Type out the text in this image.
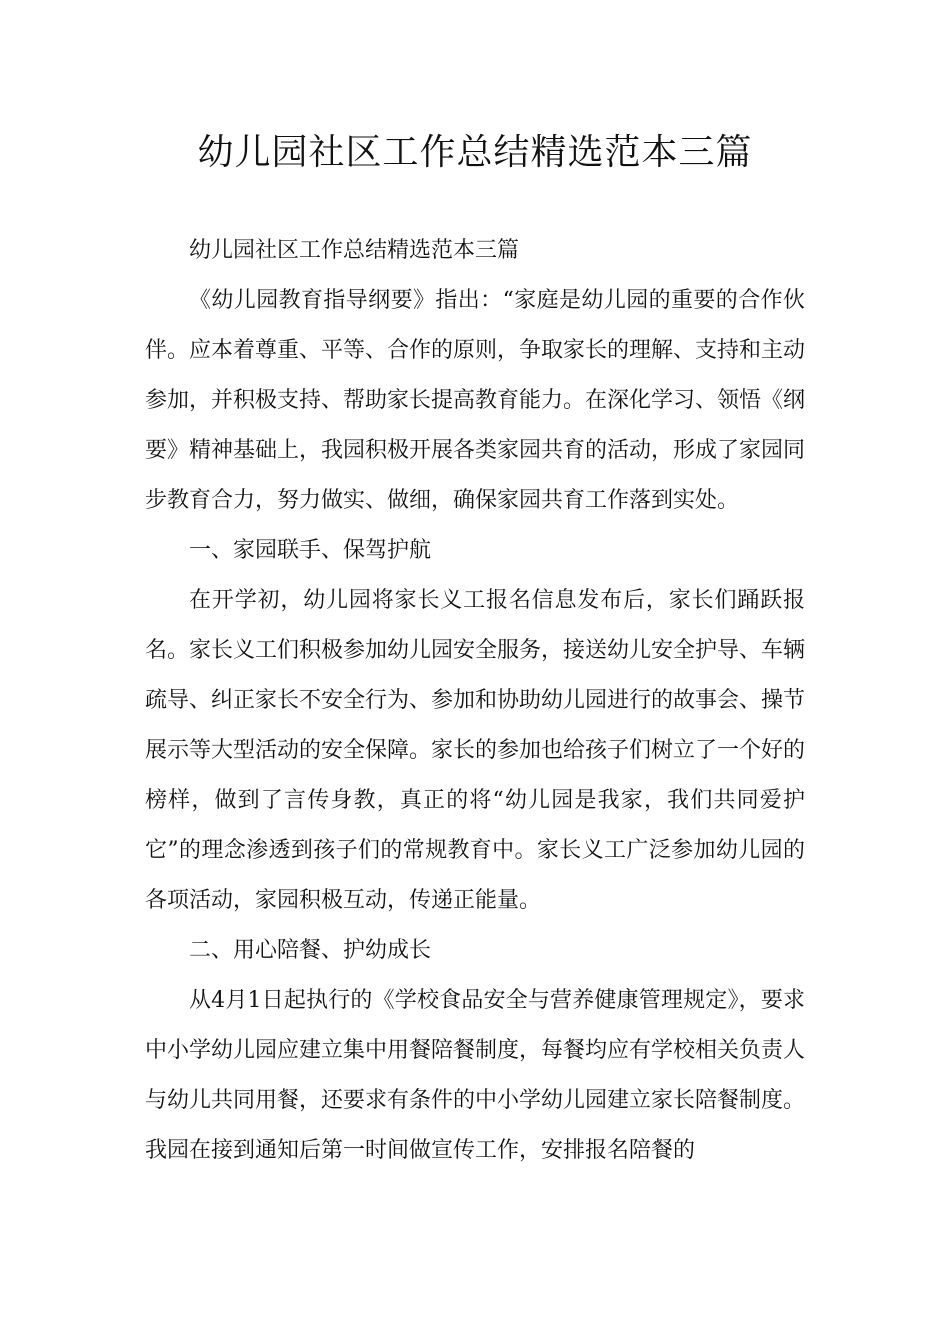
幼儿园社区工作总结精选范本三篇

幼儿园社区工作总结精选范本三篇

《幼儿园教育指导纲要》指出：“家庭是幼儿园的重要的合作伙伴。应本着尊重、平等、合作的原则，争取家长的理解、支持和主动参加，并积极支持、帮助家长提高教育能力。在深化学习、领悟《纲要》精神基础上，我园积极开展各类家园共育的活动，形成了家园同步教育合力，努力做实、做细，确保家园共育工作落到实处。

一、家园联手、保驾护航

在开学初，幼儿园将家长义工报名信息发布后，家长们踊跃报名。家长义工们积极参加幼儿园安全服务，接送幼儿安全护导、车辆疏导、纠正家长不安全行为、参加和协助幼儿园进行的故事会、操节展示等大型活动的安全保障。家长的参加也给孩子们树立了一个好的榜样，做到了言传身教，真正的将“幼儿园是我家，我们共同爱护它”的理念渗透到孩子们的常规教育中。家长义工广泛参加幼儿园的各项活动，家园积极互动，传递正能量。

二、用心陪餐、护幼成长

从4月1日起执行的《学校食品安全与营养健康管理规定》，要求中小学幼儿园应建立集中用餐陪餐制度，每餐均应有学校相关负责人与幼儿共同用餐，还要求有条件的中小学幼儿园建立家长陪餐制度。我园在接到通知后第一时间做宣传工作，安排报名陪餐的
